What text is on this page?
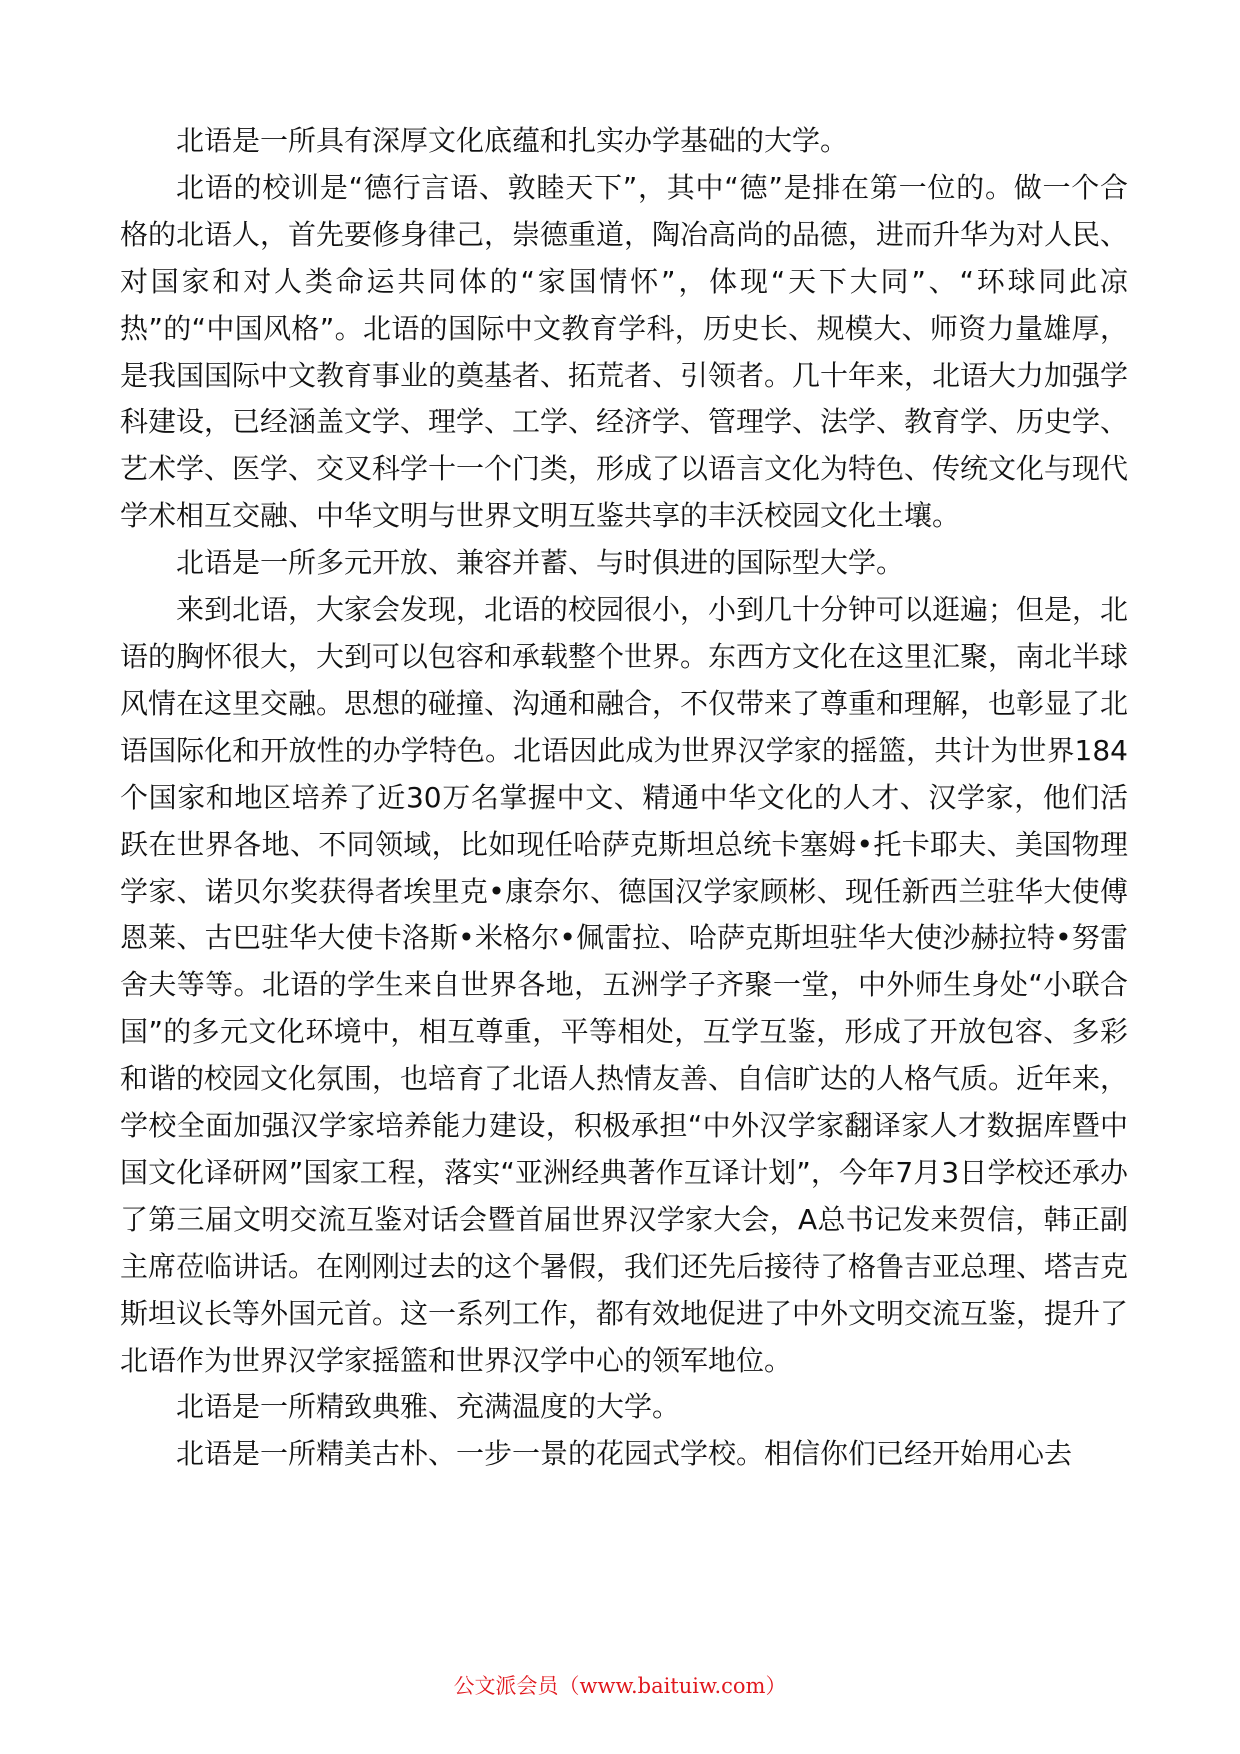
北语是一所具有深厚文化底蕴和扎实办学基础的大学。

北语的校训是“德行言语、敦睦天下”，其中“德”是排在第一位的。做一个合格的北语人，首先要修身律己，崇德重道，陶冶高尚的品德，进而升华为对人民、对国家和对人类命运共同体的“家国情怀”，体现“天下大同”、“环球同此凉热”的“中国风格”。北语的国际中文教育学科，历史长、规模大、师资力量雄厚，是我国国际中文教育事业的奠基者、拓荒者、引领者。几十年来，北语大力加强学科建设，已经涵盖文学、理学、工学、经济学、管理学、法学、教育学、历史学、艺术学、医学、交叉科学十一个门类，形成了以语言文化为特色、传统文化与现代学术相互交融、中华文明与世界文明互鉴共享的丰沃校园文化土壤。

北语是一所多元开放、兼容并蓄、与时俱进的国际型大学。

来到北语，大家会发现，北语的校园很小，小到几十分钟可以逛遍；但是，北语的胸怀很大，大到可以包容和承载整个世界。东西方文化在这里汇聚，南北半球风情在这里交融。思想的碰撞、沟通和融合，不仅带来了尊重和理解，也彰显了北语国际化和开放性的办学特色。北语因此成为世界汉学家的摇篮，共计为世界184个国家和地区培养了近30万名掌握中文、精通中华文化的人才、汉学家，他们活跃在世界各地、不同领域，比如现任哈萨克斯坦总统卡塞姆•托卡耶夫、美国物理学家、诺贝尔奖获得者埃里克•康奈尔、德国汉学家顾彬、现任新西兰驻华大使傅恩莱、古巴驻华大使卡洛斯•米格尔•佩雷拉、哈萨克斯坦驻华大使沙赫拉特•努雷舍夫等等。北语的学生来自世界各地，五洲学子齐聚一堂，中外师生身处“小联合国”的多元文化环境中，相互尊重，平等相处，互学互鉴，形成了开放包容、多彩和谐的校园文化氛围，也培育了北语人热情友善、自信旷达的人格气质。近年来，学校全面加强汉学家培养能力建设，积极承担“中外汉学家翻译家人才数据库暨中国文化译研网”国家工程，落实“亚洲经典著作互译计划”，今年7月3日学校还承办了第三届文明交流互鉴对话会暨首届世界汉学家大会，A总书记发来贺信，韩正副主席莅临讲话。在刚刚过去的这个暑假，我们还先后接待了格鲁吉亚总理、塔吉克斯坦议长等外国元首。这一系列工作，都有效地促进了中外文明交流互鉴，提升了北语作为世界汉学家摇篮和世界汉学中心的领军地位。

北语是一所精致典雅、充满温度的大学。

北语是一所精美古朴、一步一景的花园式学校。相信你们已经开始用心去

公文派会员（www.baituiw.com）
